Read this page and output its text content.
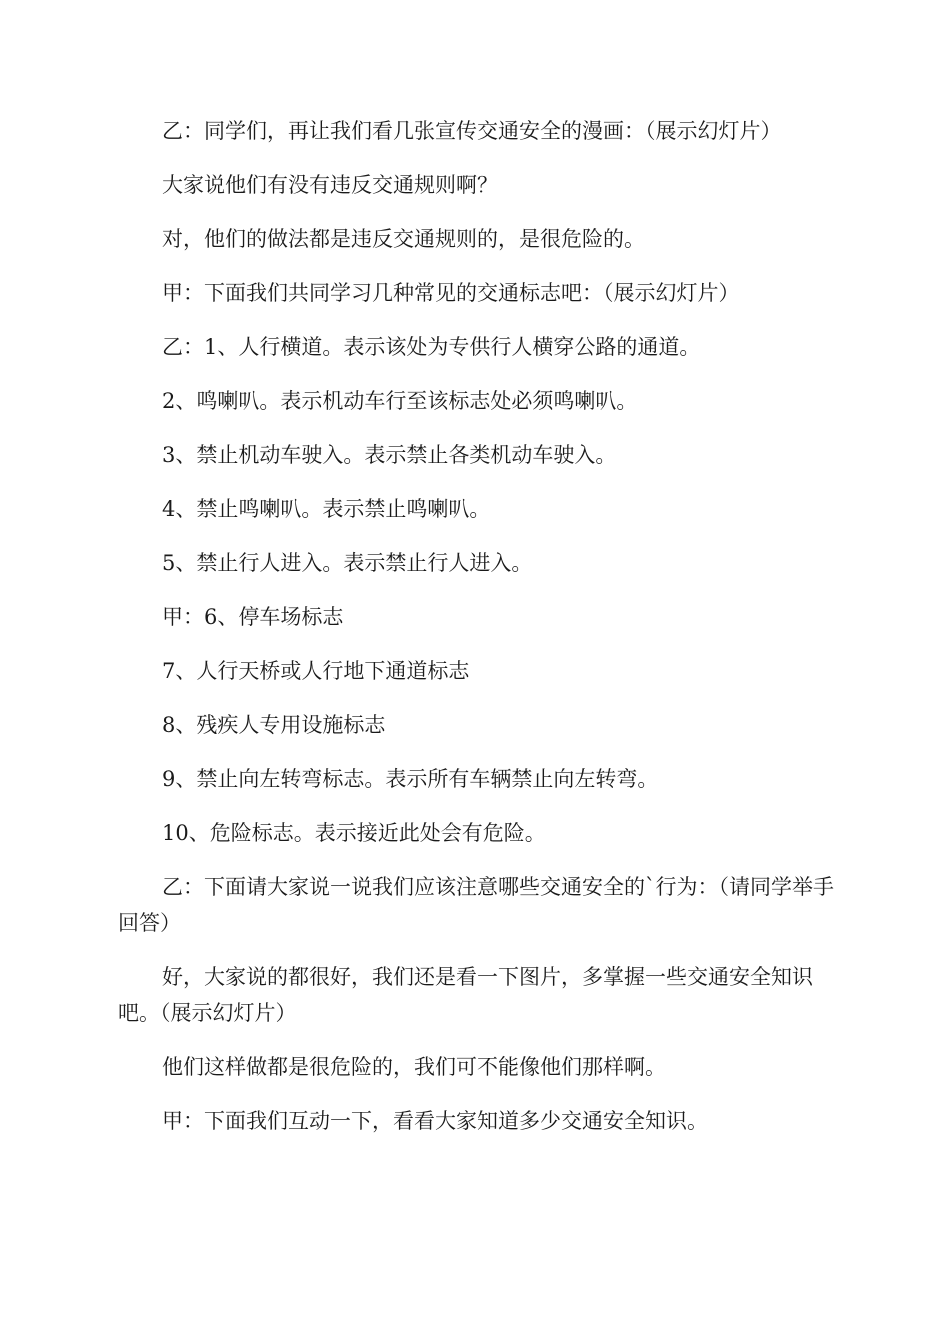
乙：同学们，再让我们看几张宣传交通安全的漫画：（展示幻灯片）

大家说他们有没有违反交通规则啊？

对，他们的做法都是违反交通规则的，是很危险的。

甲：下面我们共同学习几种常见的交通标志吧：（展示幻灯片）

乙：1、人行横道。表示该处为专供行人横穿公路的通道。

2、鸣喇叭。表示机动车行至该标志处必须鸣喇叭。

3、禁止机动车驶入。表示禁止各类机动车驶入。

4、禁止鸣喇叭。表示禁止鸣喇叭。

5、禁止行人进入。表示禁止行人进入。

甲：6、停车场标志

7、人行天桥或人行地下通道标志

8、残疾人专用设施标志

9、禁止向左转弯标志。表示所有车辆禁止向左转弯。

10、危险标志。表示接近此处会有危险。

乙：下面请大家说一说我们应该注意哪些交通安全的`行为：（请同学举手回答）

好，大家说的都很好，我们还是看一下图片，多掌握一些交通安全知识吧。（展示幻灯片）

他们这样做都是很危险的，我们可不能像他们那样啊。

甲：下面我们互动一下，看看大家知道多少交通安全知识。
